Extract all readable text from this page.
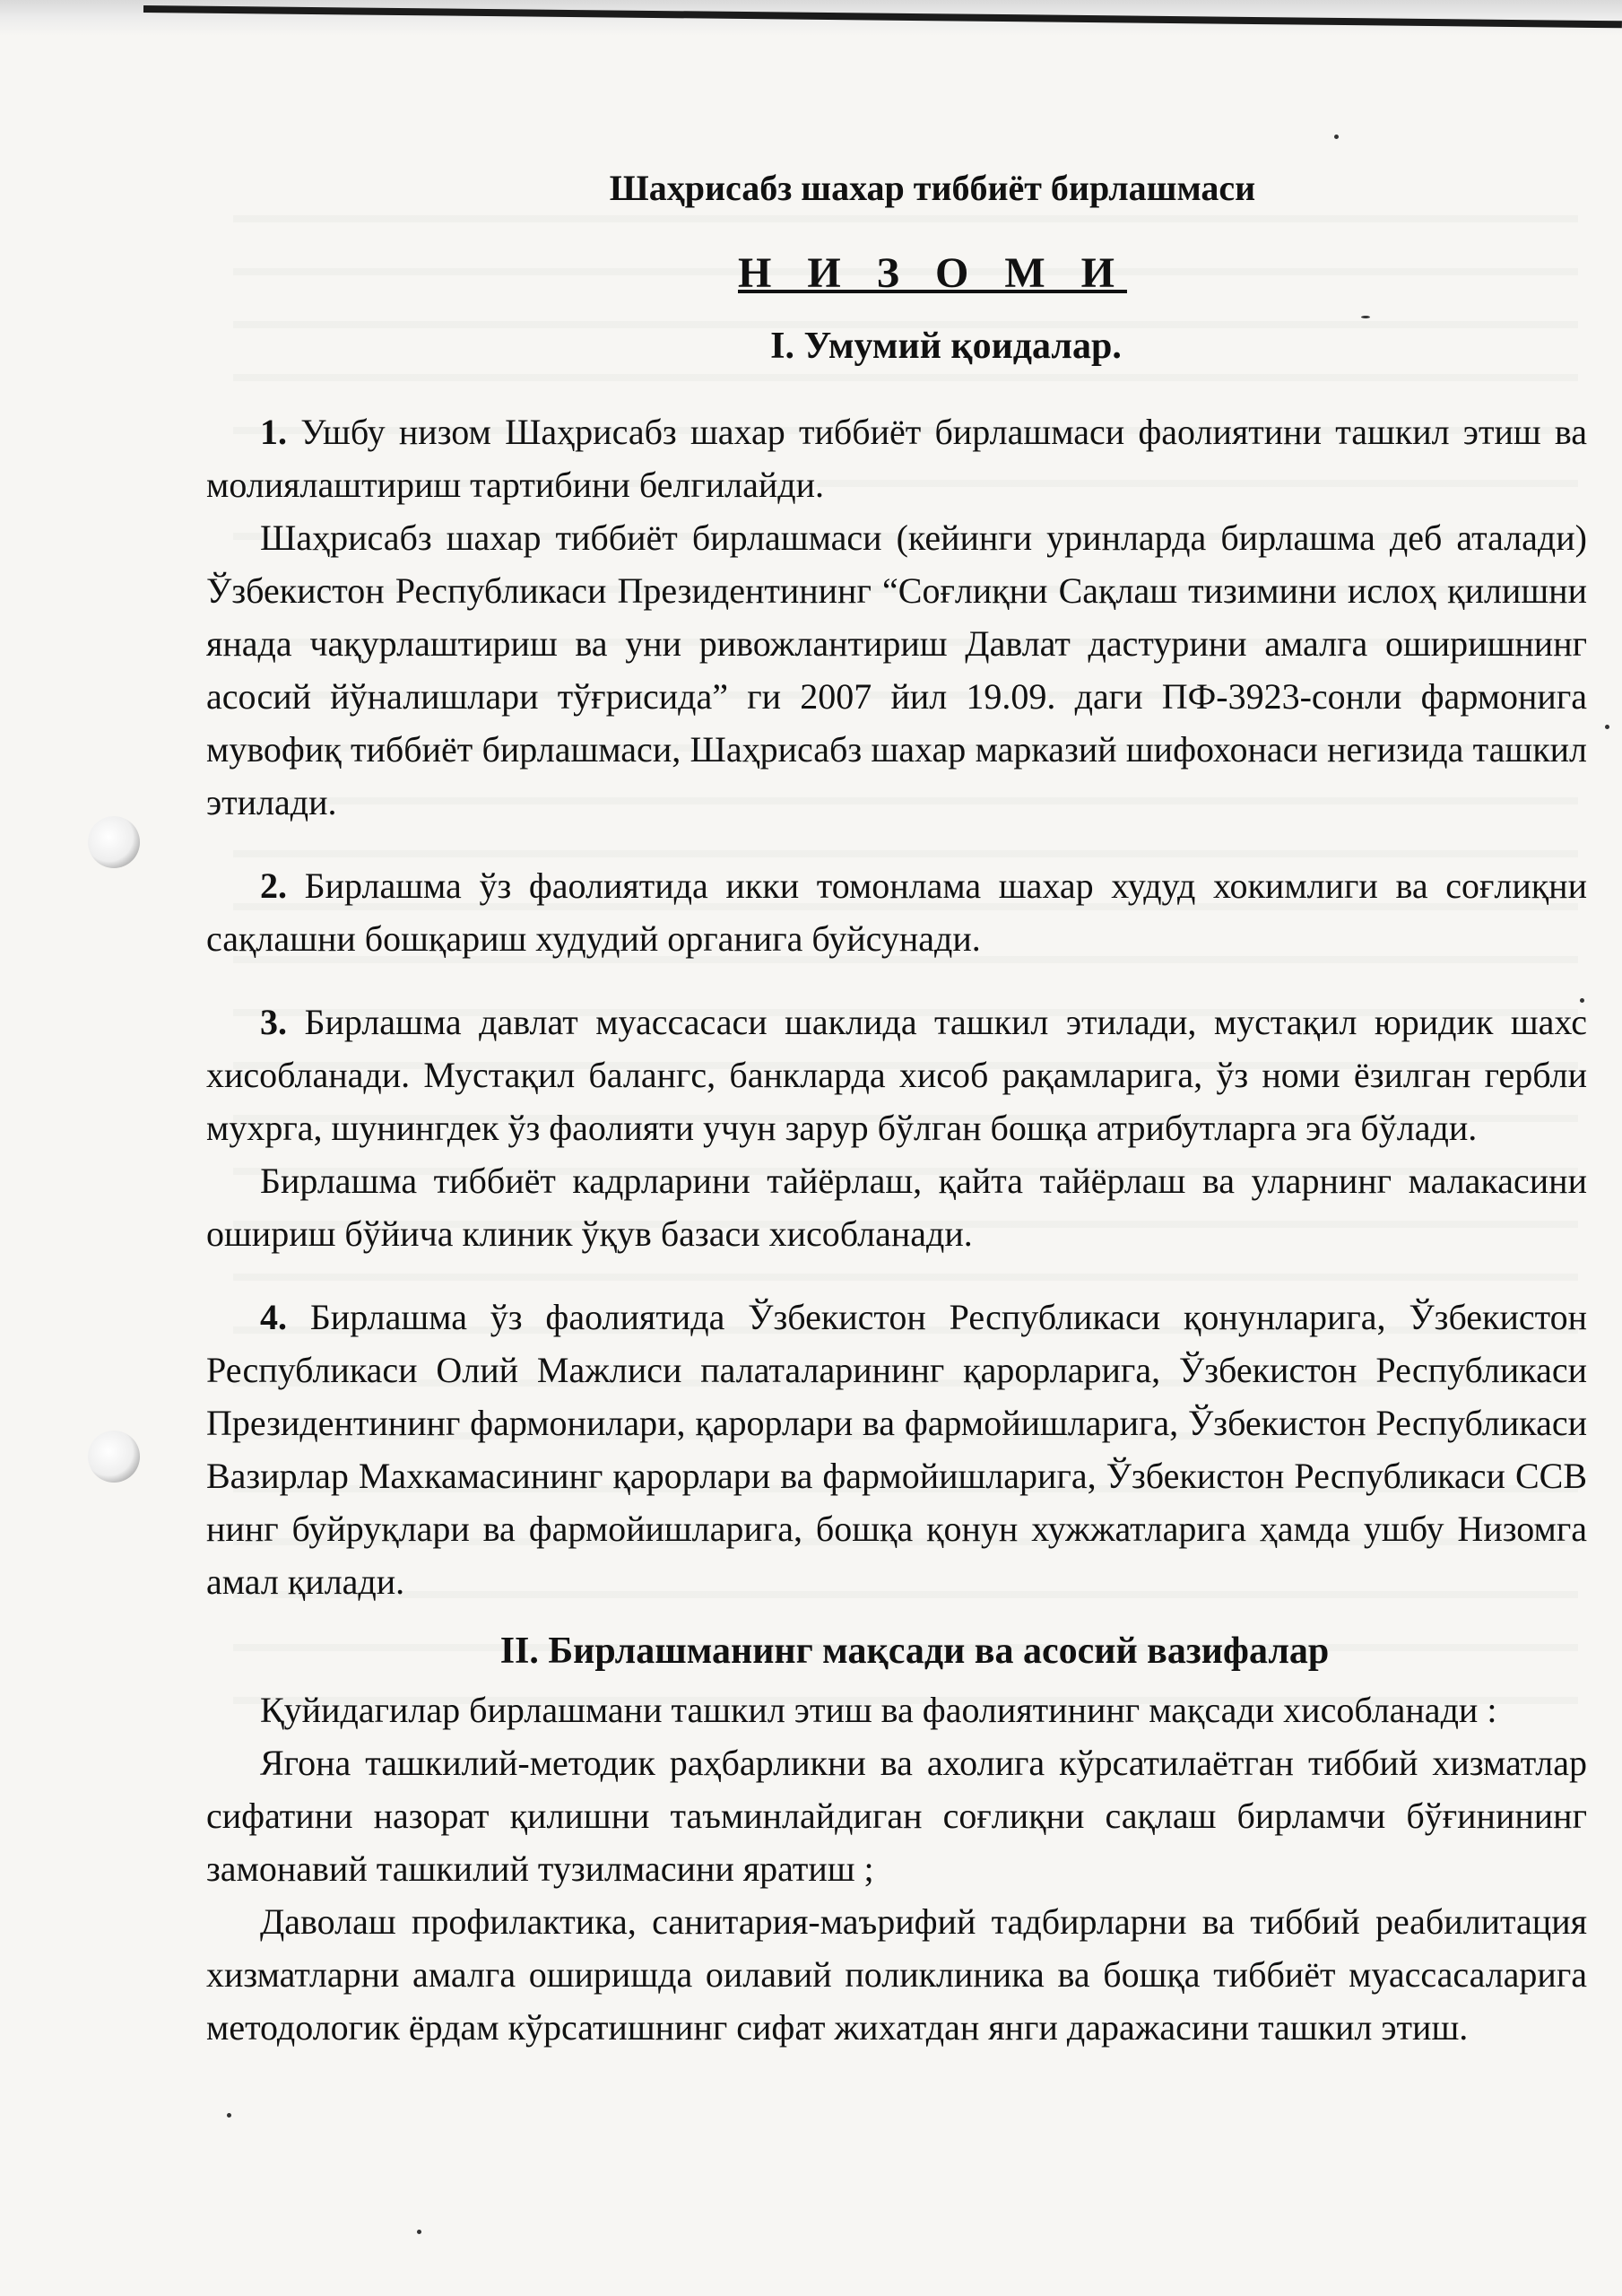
Шаҳрисабз шахар тиббиёт бирлашмаси
Н И З О М И
I. Умумий қоидалар.

1. Ушбу низом Шаҳрисабз шахар тиббиёт бирлашмаси фаолиятини ташкил этиш ва молиялаштириш тартибини белгилайди.

Шаҳрисабз шахар тиббиёт бирлашмаси (кейинги уринларда бирлашма деб аталади) Ўзбекистон Республикаси Президентининг “Соғлиқни Сақлаш тизимини ислоҳ қилишни янада чақурлаштириш ва уни ривожлантириш Давлат дастурини амалга оширишнинг асосий йўналишлари тўғрисида” ги 2007 йил 19.09. даги ПФ-3923-сонли фармонига мувофиқ тиббиёт бирлашмаси, Шаҳрисабз шахар марказий шифохонаси негизида ташкил этилади.

2. Бирлашма ўз фаолиятида икки томонлама шахар худуд хокимлиги ва соғлиқни сақлашни бошқариш худудий органига буйсунади.

3. Бирлашма давлат муассасаси шаклида ташкил этилади, мустақил юридик шахс хисобланади. Мустақил балангс, банкларда хисоб рақамларига, ўз номи ёзилган гербли мухрга, шунингдек ўз фаолияти учун зарур бўлган бошқа атрибутларга эга бўлади.

Бирлашма тиббиёт кадрларини тайёрлаш, қайта тайёрлаш ва уларнинг малакасини ошириш бўйича клиник ўқув базаси хисобланади.

4. Бирлашма ўз фаолиятида Ўзбекистон Республикаси қонунларига, Ўзбекистон Республикаси Олий Мажлиси палаталарининг қарорларига, Ўзбекистон Республикаси Президентининг фармонилари, қарорлари ва фармойишларига, Ўзбекистон Республикаси Вазирлар Махкамасининг қарорлари ва фармойишларига, Ўзбекистон Республикаси ССВ нинг буйруқлари ва фармойишларига, бошқа қонун хужжатларига ҳамда ушбу Низомга амал қилади.

II. Бирлашманинг мақсади ва асосий вазифалар

Қуйидагилар бирлашмани ташкил этиш ва фаолиятининг мақсади хисобланади :

Ягона ташкилий-методик раҳбарликни ва ахолига кўрсатилаётган тиббий хизматлар сифатини назорат қилишни таъминлайдиган соғлиқни сақлаш бирламчи бўғинининг замонавий ташкилий тузилмасини яратиш ;

Даволаш профилактика, санитария-маърифий тадбирларни ва тиббий реабилитация хизматларни амалга оширишда оилавий поликлиника ва бошқа тиббиёт муассасаларига методологик ёрдам кўрсатишнинг сифат жихатдан янги даражасини ташкил этиш.
